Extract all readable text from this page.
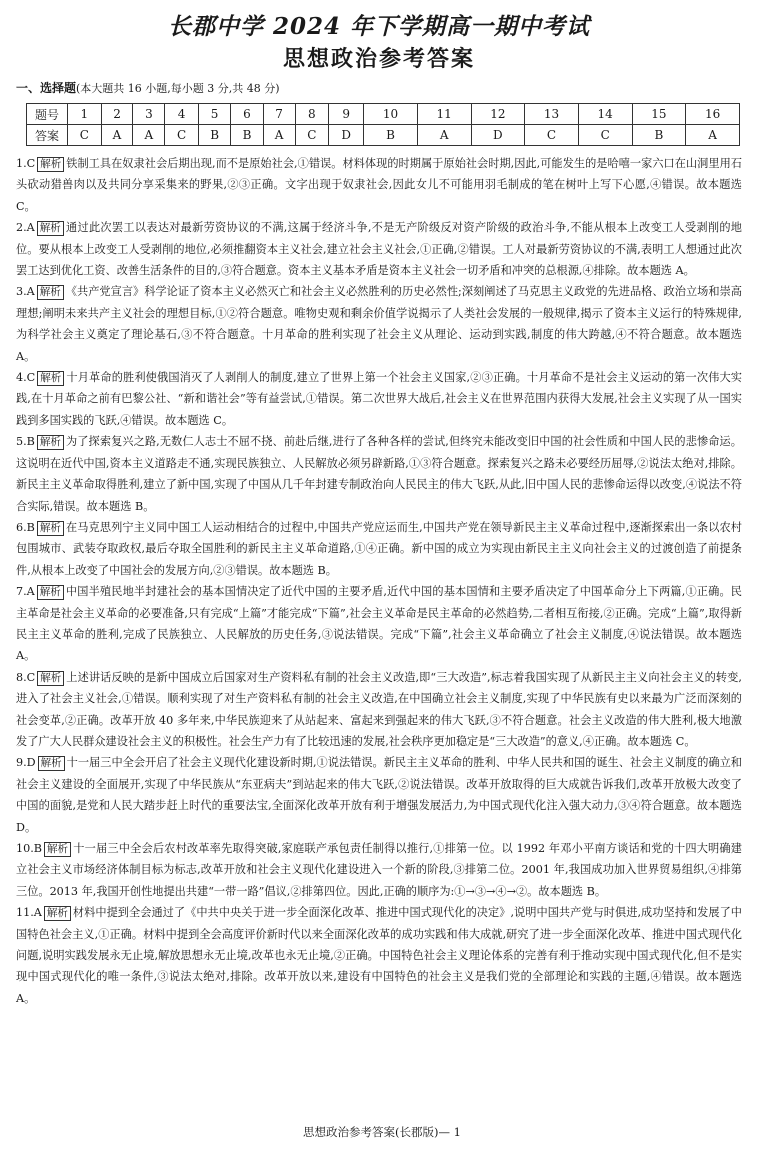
长郡中学 2024 年下学期高一期中考试
思想政治参考答案
一、选择题(本大题共 16 小题,每小题 3 分,共 48 分)
题号	1	2	3	4	5	6	7	8	9	10	11	12	13	14	15	16
答案	C	A	A	C	B	B	A	C	D	B	A	D	C	C	B	A

1.C 解析 铁制工具在奴隶社会后期出现,而不是原始社会,①错误。材料体现的时期属于原始社会时期,因此,可能发生的是哈嘻一家六口在山洞里用石头砍动猎兽肉以及共同分享采集来的野果,②③正确。文字出现于奴隶社会,因此女儿不可能用羽毛制成的笔在树叶上写下心愿,④错误。故本题选 C。

2.A 解析 通过此次罢工以表达对最新劳资协议的不满,这属于经济斗争,不是无产阶级反对资产阶级的政治斗争,不能从根本上改变工人受剥削的地位。要从根本上改变工人受剥削的地位,必须推翻资本主义社会,建立社会主义社会,①正确,②错误。工人对最新劳资协议的不满,表明工人想通过此次罢工达到优化工资、改善生活条件的目的,③符合题意。资本主义基本矛盾是资本主义社会一切矛盾和冲突的总根源,④排除。故本题选 A。

3.A 解析 《共产党宣言》科学论证了资本主义必然灭亡和社会主义必然胜利的历史必然性;深刻阐述了马克思主义政党的先进品格、政治立场和崇高理想;阐明未来共产主义社会的理想目标,①②符合题意。唯物史观和剩余价值学说揭示了人类社会发展的一般规律,揭示了资本主义运行的特殊规律,为科学社会主义奠定了理论基石,③不符合题意。十月革命的胜利实现了社会主义从理论、运动到实践,制度的伟大跨越,④不符合题意。故本题选 A。

4.C 解析 十月革命的胜利使俄国消灭了人剥削人的制度,建立了世界上第一个社会主义国家,②③正确。十月革命不是社会主义运动的第一次伟大实践,在十月革命之前有巴黎公社、“新和谐社会”等有益尝试,①错误。第二次世界大战后,社会主义在世界范围内获得大发展,社会主义实现了从一国实践到多国实践的飞跃,④错误。故本题选 C。

5.B 解析 为了探索复兴之路,无数仁人志士不屈不挠、前赴后继,进行了各种各样的尝试,但终究未能改变旧中国的社会性质和中国人民的悲惨命运。这说明在近代中国,资本主义道路走不通,实现民族独立、人民解放必须另辟新路,①③符合题意。探索复兴之路未必要经历屈辱,②说法太绝对,排除。新民主主义革命取得胜利,建立了新中国,实现了中国从几千年封建专制政治向人民民主的伟大飞跃,从此,旧中国人民的悲惨命运得以改变,④说法不符合实际,错误。故本题选 B。

6.B 解析 在马克思列宁主义同中国工人运动相结合的过程中,中国共产党应运而生,中国共产党在领导新民主主义革命过程中,逐渐探索出一条以农村包围城市、武装夺取政权,最后夺取全国胜利的新民主主义革命道路,①④正确。新中国的成立为实现由新民主主义向社会主义的过渡创造了前提条件,从根本上改变了中国社会的发展方向,②③错误。故本题选 B。

7.A 解析 中国半殖民地半封建社会的基本国情决定了近代中国的主要矛盾,近代中国的基本国情和主要矛盾决定了中国革命分上下两篇,①正确。民主革命是社会主义革命的必要准备,只有完成“上篇”才能完成“下篇”,社会主义革命是民主革命的必然趋势,二者相互衔接,②正确。完成“上篇”,取得新民主主义革命的胜利,完成了民族独立、人民解放的历史任务,③说法错误。完成“下篇”,社会主义革命确立了社会主义制度,④说法错误。故本题选 A。

8.C 解析 上述讲话反映的是新中国成立后国家对生产资料私有制的社会主义改造,即“三大改造”,标志着我国实现了从新民主主义向社会主义的转变,进入了社会主义社会,①错误。顺利实现了对生产资料私有制的社会主义改造,在中国确立社会主义制度,实现了中华民族有史以来最为广泛而深刻的社会变革,②正确。改革开放 40 多年来,中华民族迎来了从站起来、富起来到强起来的伟大飞跃,③不符合题意。社会主义改造的伟大胜利,极大地激发了广大人民群众建设社会主义的积极性。社会生产力有了比较迅速的发展,社会秩序更加稳定是“三大改造”的意义,④正确。故本题选 C。

9.D 解析 十一届三中全会开启了社会主义现代化建设新时期,①说法错误。新民主主义革命的胜利、中华人民共和国的诞生、社会主义制度的确立和社会主义建设的全面展开,实现了中华民族从“东亚病夫”到站起来的伟大飞跃,②说法错误。改革开放取得的巨大成就告诉我们,改革开放极大改变了中国的面貌,是党和人民大踏步赶上时代的重要法宝,全面深化改革开放有利于增强发展活力,为中国式现代化注入强大动力,③④符合题意。故本题选 D。

10.B 解析 十一届三中全会后农村改革率先取得突破,家庭联产承包责任制得以推行,①排第一位。以 1992 年邓小平南方谈话和党的十四大明确建立社会主义市场经济体制目标为标志,改革开放和社会主义现代化建设进入一个新的阶段,③排第二位。2001 年,我国成功加入世界贸易组织,④排第三位。2013 年,我国开创性地提出共建“一带一路”倡议,②排第四位。因此,正确的顺序为:①→③→④→②。故本题选 B。

11.A 解析 材料中提到全会通过了《中共中央关于进一步全面深化改革、推进中国式现代化的决定》,说明中国共产党与时俱进,成功坚持和发展了中国特色社会主义,①正确。材料中提到全会高度评价新时代以来全面深化改革的成功实践和伟大成就,研究了进一步全面深化改革、推进中国式现代化问题,说明实践发展永无止境,解放思想永无止境,改革也永无止境,②正确。中国特色社会主义理论体系的完善有利于推动实现中国式现代化,但不是实现中国式现代化的唯一条件,③说法太绝对,排除。改革开放以来,建设有中国特色的社会主义是我们党的全部理论和实践的主题,④错误。故本题选 A。

思想政治参考答案(长郡版)— 1
